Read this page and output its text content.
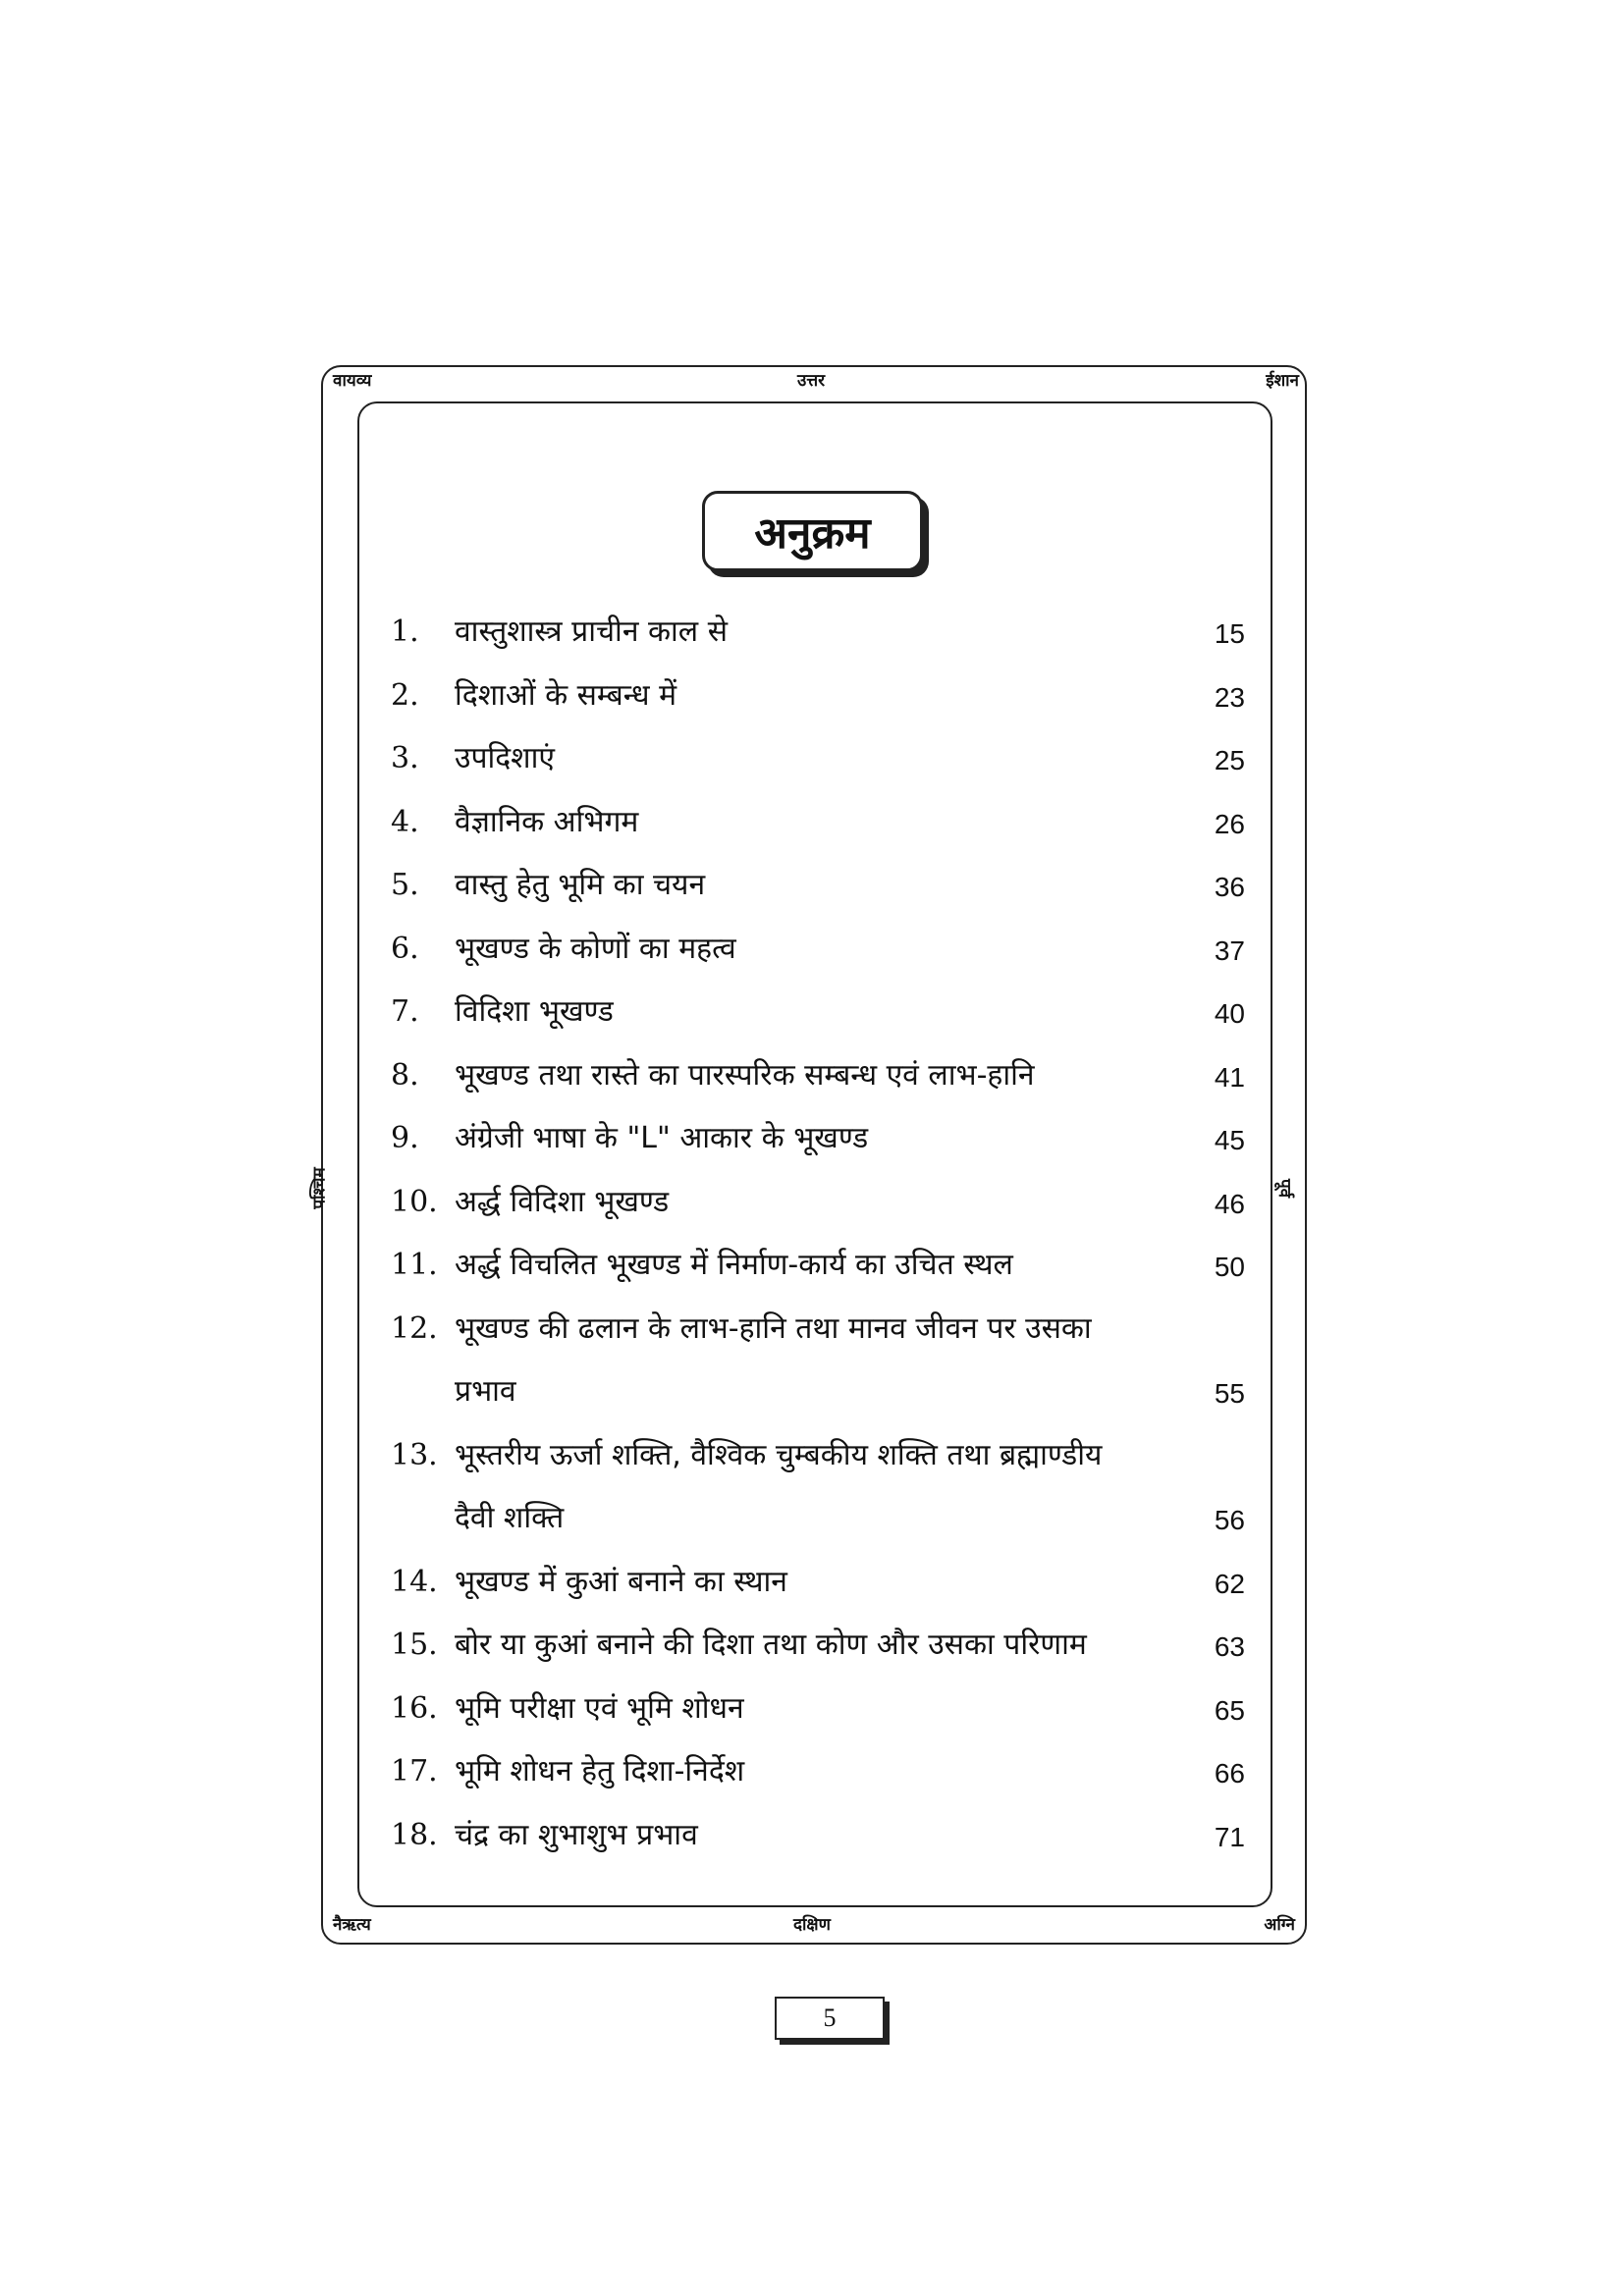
वायव्य	उत्तर	ईशान
पश्चिम	पूर्व
नैऋत्य	दक्षिण	अग्नि
अनुक्रम
1. वास्तुशास्त्र प्राचीन काल से	15
2. दिशाओं के सम्बन्ध में	23
3. उपदिशाएं	25
4. वैज्ञानिक अभिगम	26
5. वास्तु हेतु भूमि का चयन	36
6. भूखण्ड के कोणों का महत्व	37
7. विदिशा भूखण्ड	40
8. भूखण्ड तथा रास्ते का पारस्परिक सम्बन्ध एवं लाभ-हानि	41
9. अंग्रेजी भाषा के "L" आकार के भूखण्ड	45
10. अर्द्ध विदिशा भूखण्ड	46
11. अर्द्ध विचलित भूखण्ड में निर्माण-कार्य का उचित स्थल	50
12. भूखण्ड की ढलान के लाभ-हानि तथा मानव जीवन पर उसका प्रभाव	55
13. भूस्तरीय ऊर्जा शक्ति, वैश्विक चुम्बकीय शक्ति तथा ब्रह्माण्डीय दैवी शक्ति	56
14. भूखण्ड में कुआं बनाने का स्थान	62
15. बोर या कुआं बनाने की दिशा तथा कोण और उसका परिणाम	63
16. भूमि परीक्षा एवं भूमि शोधन	65
17. भूमि शोधन हेतु दिशा-निर्देश	66
18. चंद्र का शुभाशुभ प्रभाव	71
5
